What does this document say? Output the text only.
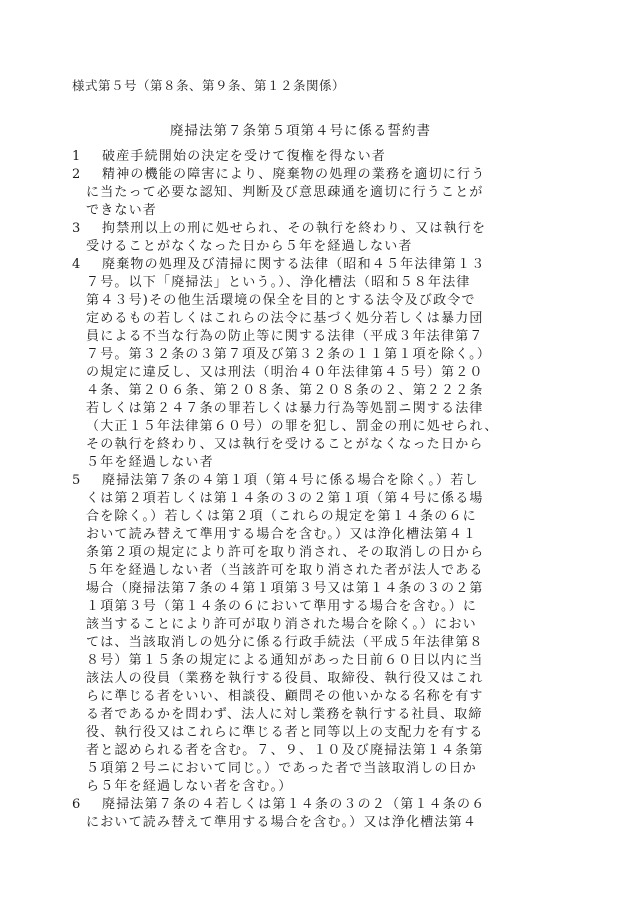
様式第５号（第８条、第９条、第１２条関係）
廃掃法第７条第５項第４号に係る誓約書
1	破産手続開始の決定を受けて復権を得ない者
2	精神の機能の障害により、廃棄物の処理の業務を適切に行う
に当たって必要な認知、判断及び意思疎通を適切に行うことが
できない者
3	拘禁刑以上の刑に処せられ、その執行を終わり、又は執行を
受けることがなくなった日から５年を経過しない者
4	廃棄物の処理及び清掃に関する法律（昭和４５年法律第１３
７号。以下「廃掃法」という。）、浄化槽法（昭和５８年法律
第４３号)その他生活環境の保全を目的とする法令及び政令で
定めるもの若しくはこれらの法令に基づく処分若しくは暴力団
員による不当な行為の防止等に関する法律（平成３年法律第７
７号。第３２条の３第７項及び第３２条の１１第１項を除く。）
の規定に違反し、又は刑法（明治４０年法律第４５号）第２０
４条、第２０６条、第２０８条、第２０８条の２、第２２２条
若しくは第２４７条の罪若しくは暴力行為等処罰ニ関する法律
（大正１５年法律第６０号）の罪を犯し、罰金の刑に処せられ、
その執行を終わり、又は執行を受けることがなくなった日から
５年を経過しない者
5	廃掃法第７条の４第１項（第４号に係る場合を除く。）若し
くは第２項若しくは第１４条の３の２第１項（第４号に係る場
合を除く。）若しくは第２項（これらの規定を第１４条の６に
おいて読み替えて準用する場合を含む。）又は浄化槽法第４１
条第２項の規定により許可を取り消され、その取消しの日から
５年を経過しない者（当該許可を取り消された者が法人である
場合（廃掃法第７条の４第１項第３号又は第１４条の３の２第
１項第３号（第１４条の６において準用する場合を含む。）に
該当することにより許可が取り消された場合を除く。）におい
ては、当該取消しの処分に係る行政手続法（平成５年法律第８
８号）第１５条の規定による通知があった日前６０日以内に当
該法人の役員（業務を執行する役員、取締役、執行役又はこれ
らに準じる者をいい、相談役、顧問その他いかなる名称を有す
る者であるかを問わず、法人に対し業務を執行する社員、取締
役、執行役又はこれらに準じる者と同等以上の支配力を有する
者と認められる者を含む。７、９、１０及び廃掃法第１４条第
５項第２号ニにおいて同じ。）であった者で当該取消しの日か
ら５年を経過しない者を含む。）
6	廃掃法第７条の４若しくは第１４条の３の２（第１４条の６
において読み替えて準用する場合を含む。）又は浄化槽法第４
